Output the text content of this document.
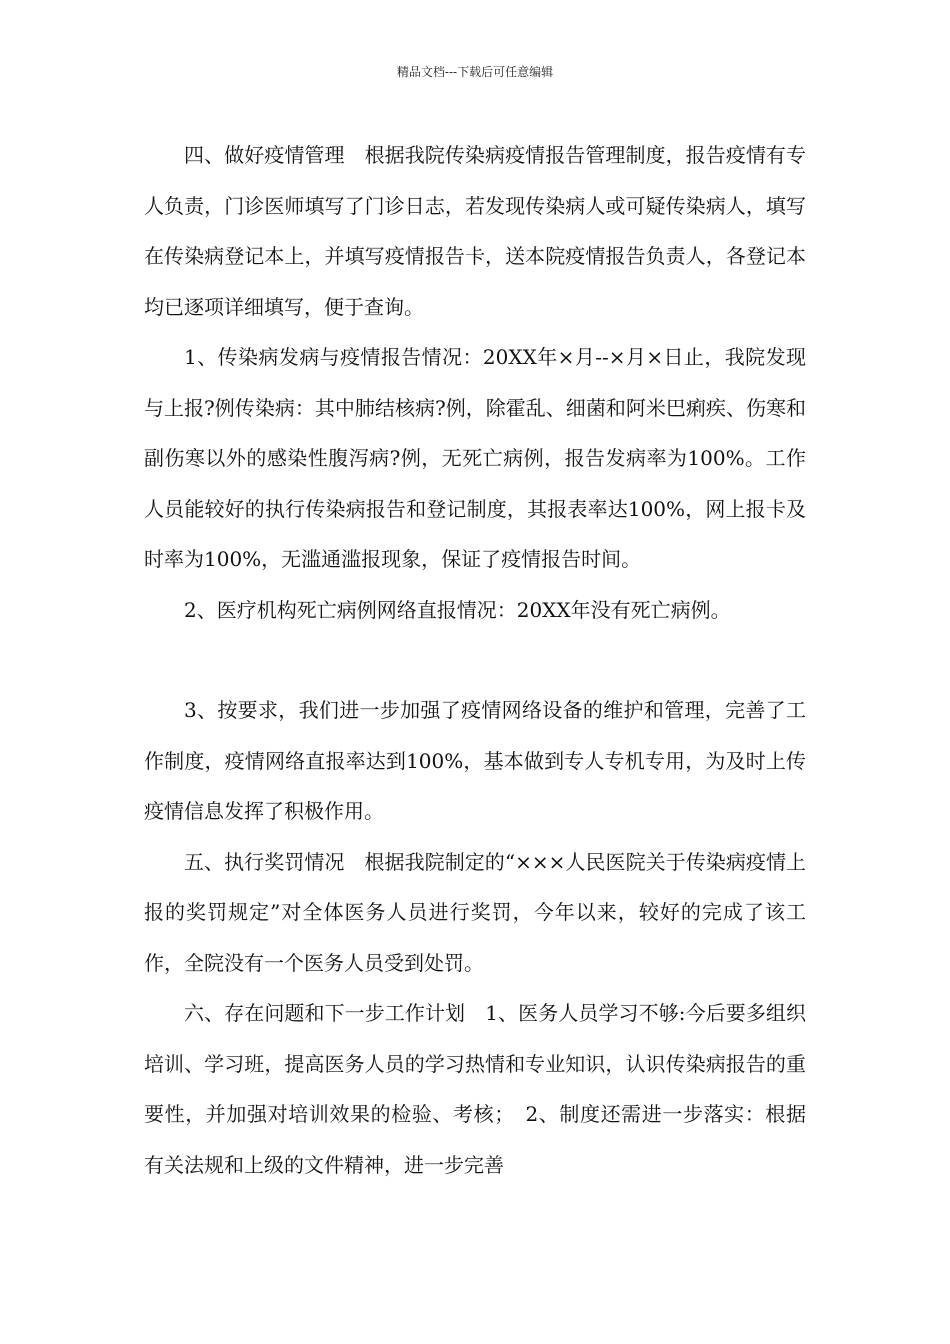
精品文档---下载后可任意编辑

四、做好疫情管理　根据我院传染病疫情报告管理制度，报告疫情有专人负责，门诊医师填写了门诊日志，若发现传染病人或可疑传染病人，填写在传染病登记本上，并填写疫情报告卡，送本院疫情报告负责人，各登记本均已逐项详细填写，便于查询。

1、传染病发病与疫情报告情况：20XX年×月--×月×日止，我院发现与上报?例传染病：其中肺结核病?例，除霍乱、细菌和阿米巴痢疾、伤寒和副伤寒以外的感染性腹泻病?例，无死亡病例，报告发病率为100%。工作人员能较好的执行传染病报告和登记制度，其报表率达100%，网上报卡及时率为100%，无滥通滥报现象，保证了疫情报告时间。

2、医疗机构死亡病例网络直报情况：20XX年没有死亡病例。

3、按要求，我们进一步加强了疫情网络设备的维护和管理，完善了工作制度，疫情网络直报率达到100%，基本做到专人专机专用，为及时上传疫情信息发挥了积极作用。

五、执行奖罚情况　根据我院制定的“×××人民医院关于传染病疫情上报的奖罚规定”对全体医务人员进行奖罚，今年以来，较好的完成了该工作，全院没有一个医务人员受到处罚。

六、存在问题和下一步工作计划　1、医务人员学习不够:今后要多组织培训、学习班，提高医务人员的学习热情和专业知识，认识传染病报告的重要性，并加强对培训效果的检验、考核；　2、制度还需进一步落实：根据有关法规和上级的文件精神，进一步完善
